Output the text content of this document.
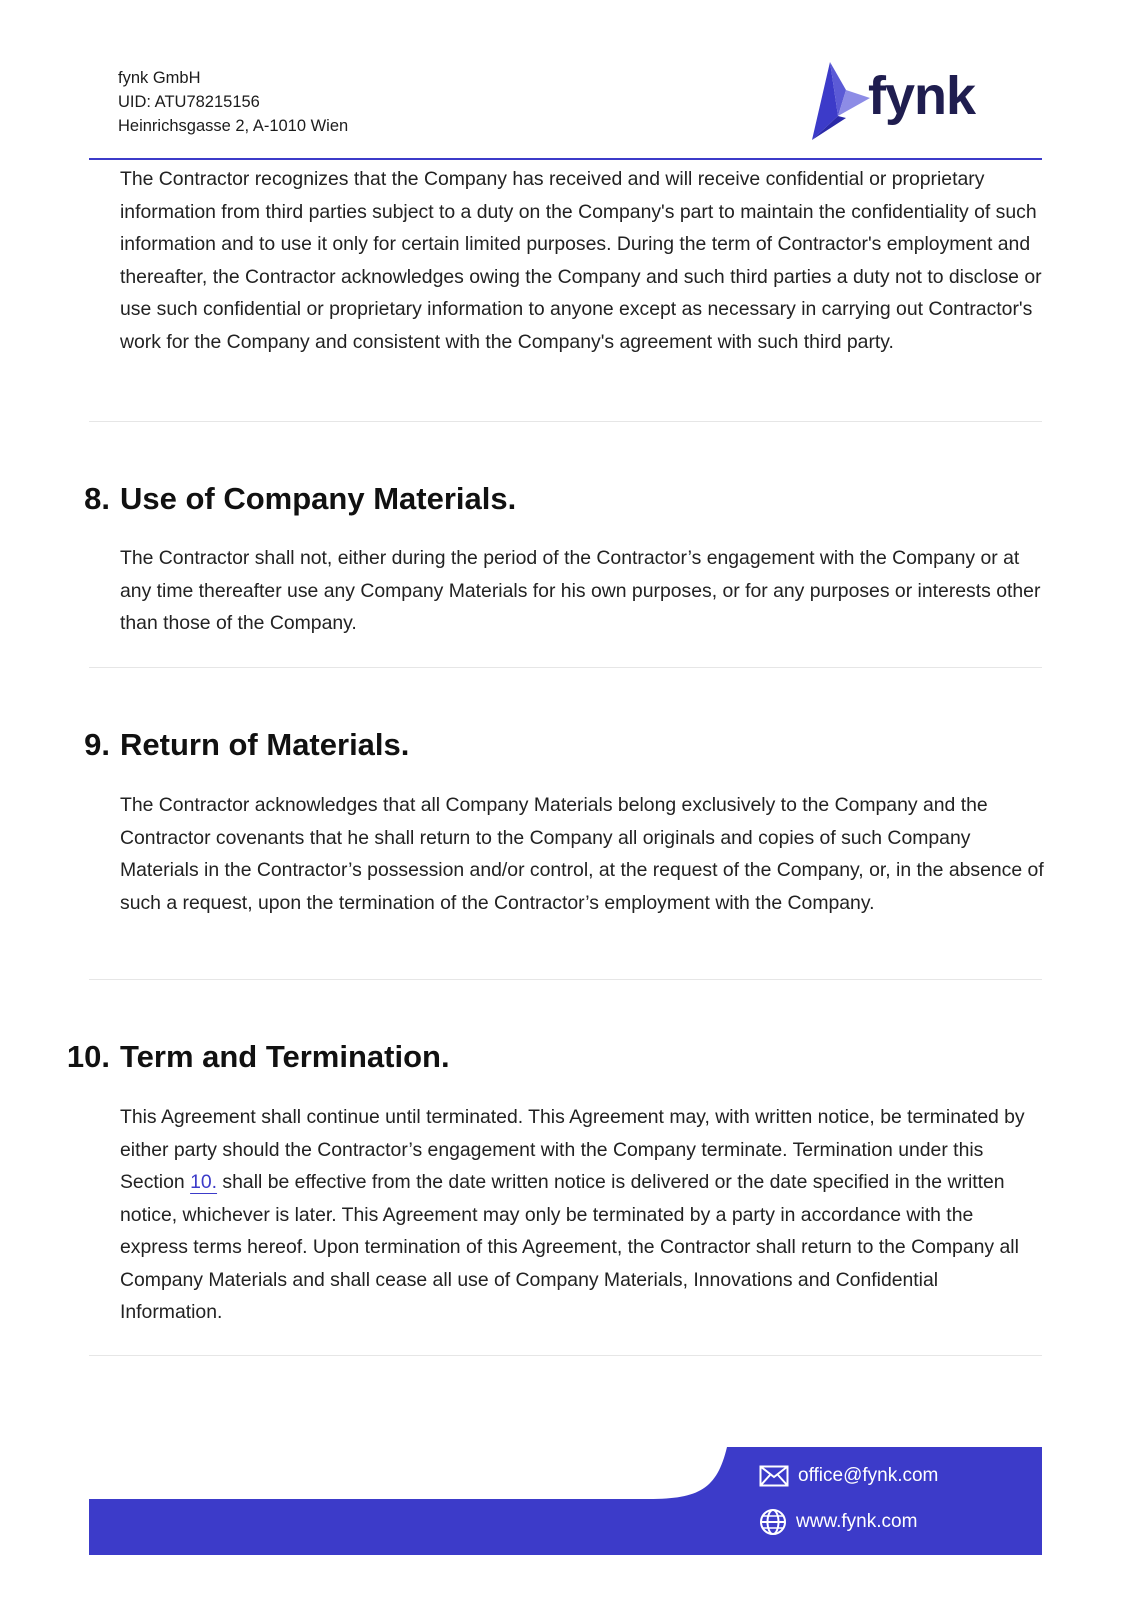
fynk GmbH
UID: ATU78215156
Heinrichsgasse 2, A-1010 Wien	fynk
The Contractor recognizes that the Company has received and will receive confidential or proprietary information from third parties subject to a duty on the Company's part to maintain the confidentiality of such information and to use it only for certain limited purposes. During the term of Contractor's employment and thereafter, the Contractor acknowledges owing the Company and such third parties a duty not to disclose or use such confidential or proprietary information to anyone except as necessary in carrying out Contractor's work for the Company and consistent with the Company's agreement with such third party.
8. Use of Company Materials.
The Contractor shall not, either during the period of the Contractor’s engagement with the Company or at any time thereafter use any Company Materials for his own purposes, or for any purposes or interests other than those of the Company.
9. Return of Materials.
The Contractor acknowledges that all Company Materials belong exclusively to the Company and the Contractor covenants that he shall return to the Company all originals and copies of such Company Materials in the Contractor’s possession and/or control, at the request of the Company, or, in the absence of such a request, upon the termination of the Contractor’s employment with the Company.
10. Term and Termination.
This Agreement shall continue until terminated. This Agreement may, with written notice, be terminated by either party should the Contractor’s engagement with the Company terminate. Termination under this Section 10. shall be effective from the date written notice is delivered or the date specified in the written notice, whichever is later. This Agreement may only be terminated by a party in accordance with the express terms hereof. Upon termination of this Agreement, the Contractor shall return to the Company all Company Materials and shall cease all use of Company Materials, Innovations and Confidential Information.
office@fynk.com
www.fynk.com
